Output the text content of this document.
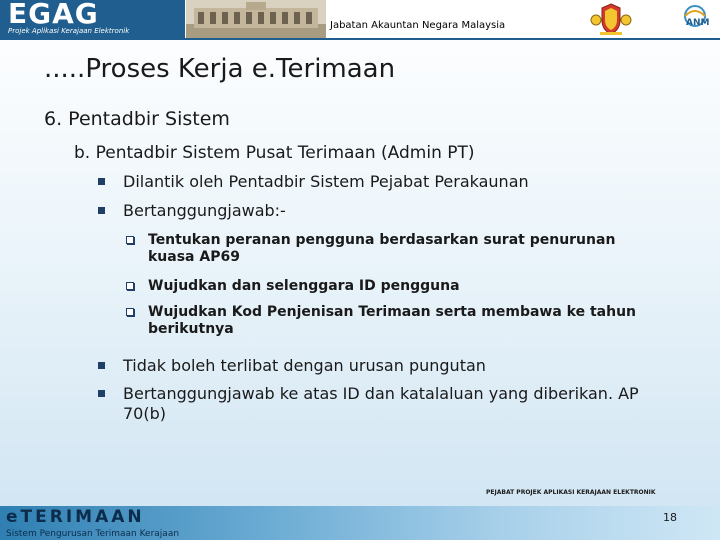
EGAG
Projek Aplikasi Kerajaan Elektronik	Jabatan Akauntan Negara Malaysia	ANM
.....Proses Kerja e.Terimaan
6. Pentadbir Sistem
b. Pentadbir Sistem Pusat Terimaan (Admin PT)
Dilantik oleh Pentadbir Sistem Pejabat Perakaunan
Bertanggungjawab:-
Tentukan peranan pengguna berdasarkan surat penurunan kuasa AP69
Wujudkan dan selenggara ID pengguna
Wujudkan Kod Penjenisan Terimaan serta membawa ke tahun berikutnya
Tidak boleh terlibat dengan urusan pungutan
Bertanggungjawab ke atas ID dan katalaluan yang diberikan. AP 70(b)
PEJABAT PROJEK APLIKASI KERAJAAN ELEKTRONIK
eTERIMAAN
Sistem Pengurusan Terimaan Kerajaan
18
